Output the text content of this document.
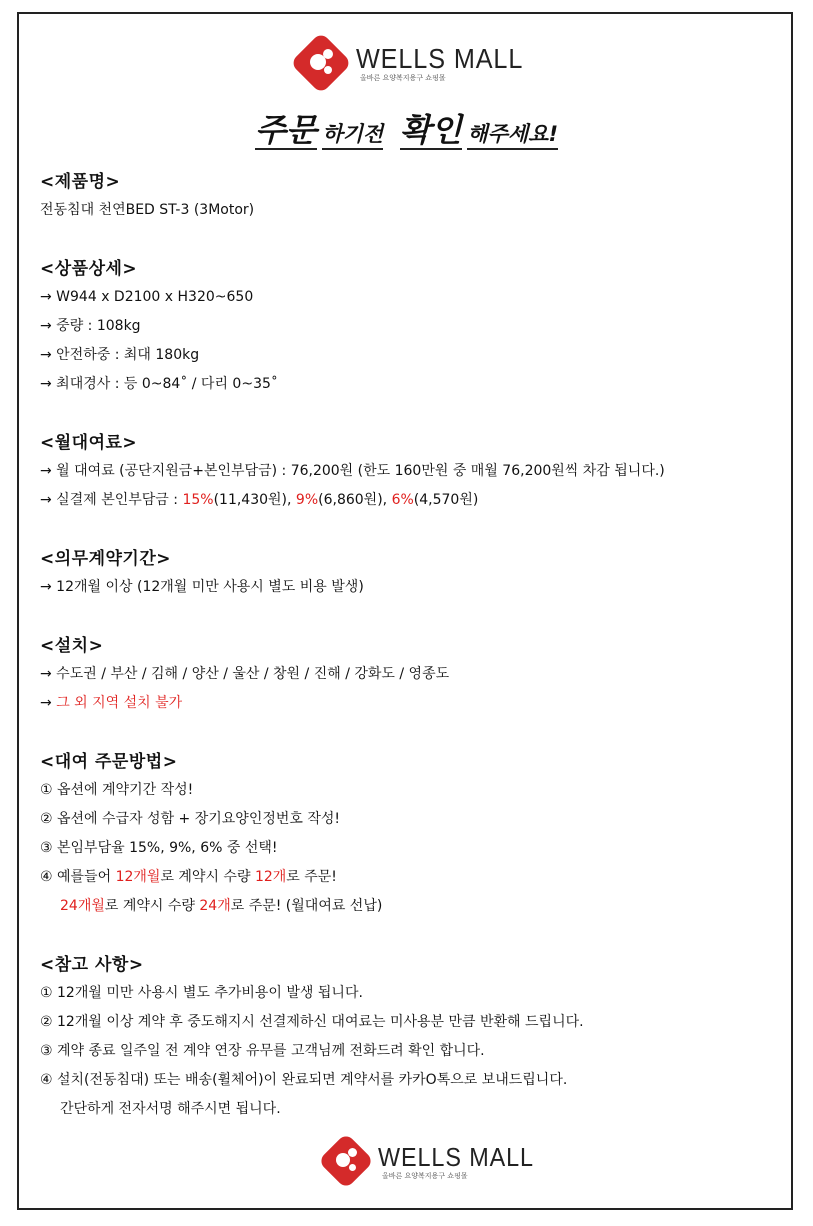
WELLS MALL
올바른 요양복지용구 쇼핑몰
주문 하기전 확인 해주세요!
<제품명>
전동침대 천연BED ST-3 (3Motor)
<상품상세>
→ W944 x D2100 x H320~650
→ 중량 : 108kg
→ 안전하중 : 최대 180kg
→ 최대경사 : 등 0~84˚ / 다리 0~35˚
<월대여료>
→ 월 대여료 (공단지원금+본인부담금) : 76,200원 (한도 160만원 중 매월 76,200원씩 차감 됩니다.)
→ 실결제 본인부담금 : 15%(11,430원), 9%(6,860원), 6%(4,570원)
<의무계약기간>
→ 12개월 이상 (12개월 미만 사용시 별도 비용 발생)
<설치>
→ 수도권 / 부산 / 김해 / 양산 / 울산 / 창원 / 진해 / 강화도 / 영종도
→ 그 외 지역 설치 불가
<대여 주문방법>
① 옵션에 계약기간 작성!
② 옵션에 수급자 성함 + 장기요양인정번호 작성!
③ 본임부담율 15%, 9%, 6% 중 선택!
④ 예를들어 12개월로 계약시 수량 12개로 주문!
24개월로 계약시 수량 24개로 주문! (월대여료 선납)
<참고 사항>
① 12개월 미만 사용시 별도 추가비용이 발생 됩니다.
② 12개월 이상 계약 후 중도해지시 선결제하신 대여료는 미사용분 만큼 반환해 드립니다.
③ 계약 종료 일주일 전 계약 연장 유무를 고객님께 전화드려 확인 합니다.
④ 설치(전동침대) 또는 배송(휠체어)이 완료되면 계약서를 카카O톡으로 보내드립니다.
간단하게 전자서명 해주시면 됩니다.
WELLS MALL
올바른 요양복지용구 쇼핑몰
